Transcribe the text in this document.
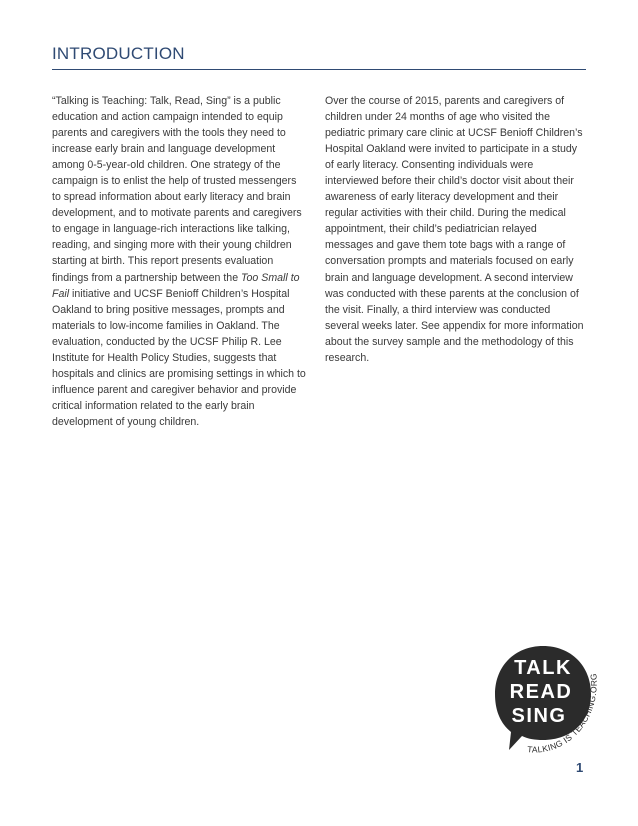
INTRODUCTION

“Talking is Teaching: Talk, Read, Sing” is a public education and action campaign intended to equip parents and caregivers with the tools they need to increase early brain and language development among 0-5-year-old children. One strategy of the campaign is to enlist the help of trusted messengers to spread information about early literacy and brain development, and to motivate parents and caregivers to engage in language-rich interactions like talking, reading, and singing more with their young children starting at birth. This report presents evaluation findings from a partnership between the Too Small to Fail initiative and UCSF Benioff Children’s Hospital Oakland to bring positive messages, prompts and materials to low-income families in Oakland. The evaluation, conducted by the UCSF Philip R. Lee Institute for Health Policy Studies, suggests that hospitals and clinics are promising settings in which to influence parent and caregiver behavior and provide critical information related to the early brain development of young children.

Over the course of 2015, parents and caregivers of children under 24 months of age who visited the pediatric primary care clinic at UCSF Benioff Children’s Hospital Oakland were invited to participate in a study of early literacy. Consenting individuals were interviewed before their child’s doctor visit about their awareness of early literacy development and their regular activities with their child. During the medical appointment, their child’s pediatrician relayed messages and gave them tote bags with a range of conversation prompts and materials focused on early brain and language development. A second interview was conducted with these parents at the conclusion of the visit. Finally, a third interview was conducted several weeks later. See appendix for more information about the survey sample and the methodology of this research.

TALK
READ
SING
TALKING IS TEACHING.ORG
1
